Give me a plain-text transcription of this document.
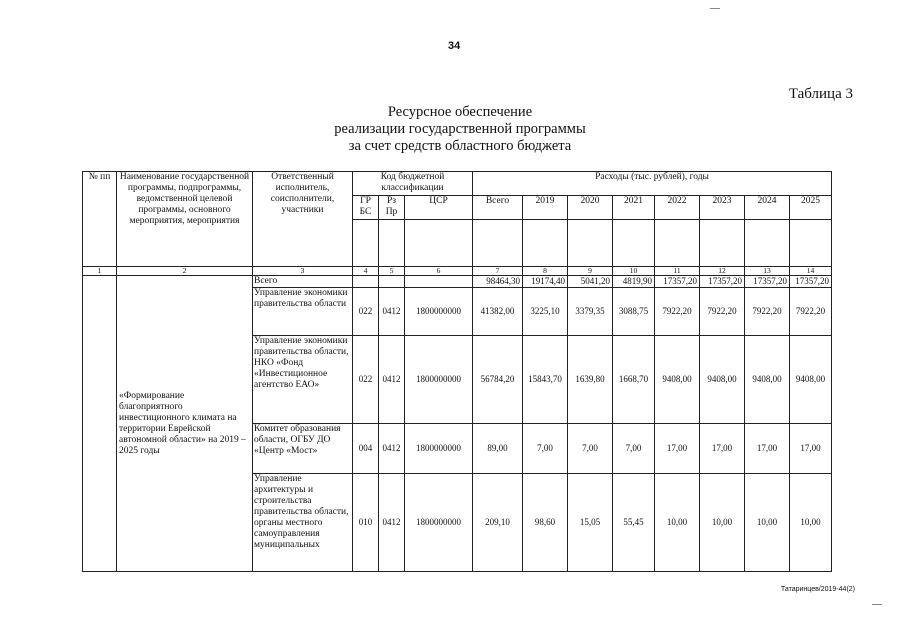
34
Таблица 3
Ресурсное обеспечение
реализации государственной программы
за счет средств областного бюджета
№ пп	Наименование государственной программы, подпрограммы, ведомственной целевой программы, основного мероприятия, мероприятия	Ответственный исполнитель, соисполнители, участники	Код бюджетной классификации			Расходы (тыс. рублей), годы							
			ГР БС	Рз Пр	ЦСР	Всего	2019	2020	2021	2022	2023	2024	2025

1	2	3	4	5	6	7	8	9	10	11	12	13	14
	«Формирование благоприятного инвестиционного климата на территории Еврейской автономной области» на 2019 – 2025 годы	Всего				98464,30	19174,40	5041,20	4819,90	17357,20	17357,20	17357,20	17357,20
		Управление экономики правительства области	022	0412	1800000000	41382,00	3225,10	3379,35	3088,75	7922,20	7922,20	7922,20	7922,20
		Управление экономики правительства области, НКО «Фонд «Инвестиционное агентство ЕАО»	022	0412	1800000000	56784,20	15843,70	1639,80	1668,70	9408,00	9408,00	9408,00	9408,00
		Комитет образования области, ОГБУ ДО «Центр «Мост»	004	0412	1800000000	89,00	7,00	7,00	7,00	17,00	17,00	17,00	17,00
		Управление архитектуры и строительства правительства области, органы местного самоуправления муниципальных	010	0412	1800000000	209,10	98,60	15,05	55,45	10,00	10,00	10,00	10,00
Татаринцев/2019-44(2)
